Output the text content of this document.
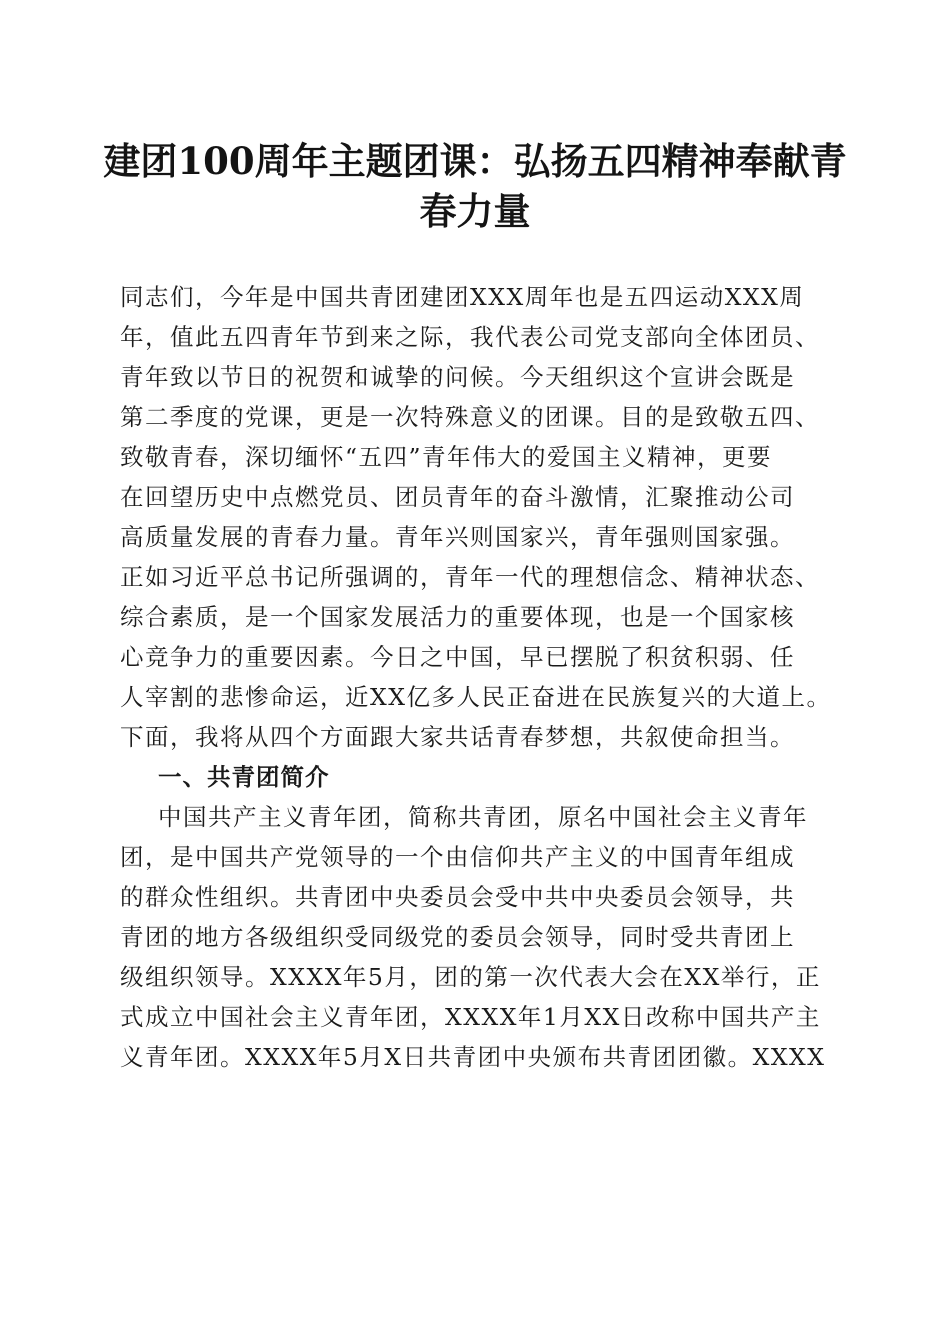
建团100周年主题团课：弘扬五四精神奉献青
春力量
同志们，今年是中国共青团建团XXX周年也是五四运动XXX周
年，值此五四青年节到来之际，我代表公司党支部向全体团员、
青年致以节日的祝贺和诚挚的问候。今天组织这个宣讲会既是
第二季度的党课，更是一次特殊意义的团课。目的是致敬五四、
致敬青春，深切缅怀“五四”青年伟大的爱国主义精神，更要
在回望历史中点燃党员、团员青年的奋斗激情，汇聚推动公司
高质量发展的青春力量。青年兴则国家兴，青年强则国家强。
正如习近平总书记所强调的，青年一代的理想信念、精神状态、
综合素质，是一个国家发展活力的重要体现，也是一个国家核
心竞争力的重要因素。今日之中国，早已摆脱了积贫积弱、任
人宰割的悲惨命运，近XX亿多人民正奋进在民族复兴的大道上。
下面，我将从四个方面跟大家共话青春梦想，共叙使命担当。
一、共青团简介
中国共产主义青年团，简称共青团，原名中国社会主义青年
团，是中国共产党领导的一个由信仰共产主义的中国青年组成
的群众性组织。共青团中央委员会受中共中央委员会领导，共
青团的地方各级组织受同级党的委员会领导，同时受共青团上
级组织领导。XXXX年5月，团的第一次代表大会在XX举行，正
式成立中国社会主义青年团，XXXX年1月XX日改称中国共产主
义青年团。XXXX年5月X日共青团中央颁布共青团团徽。XXXX
